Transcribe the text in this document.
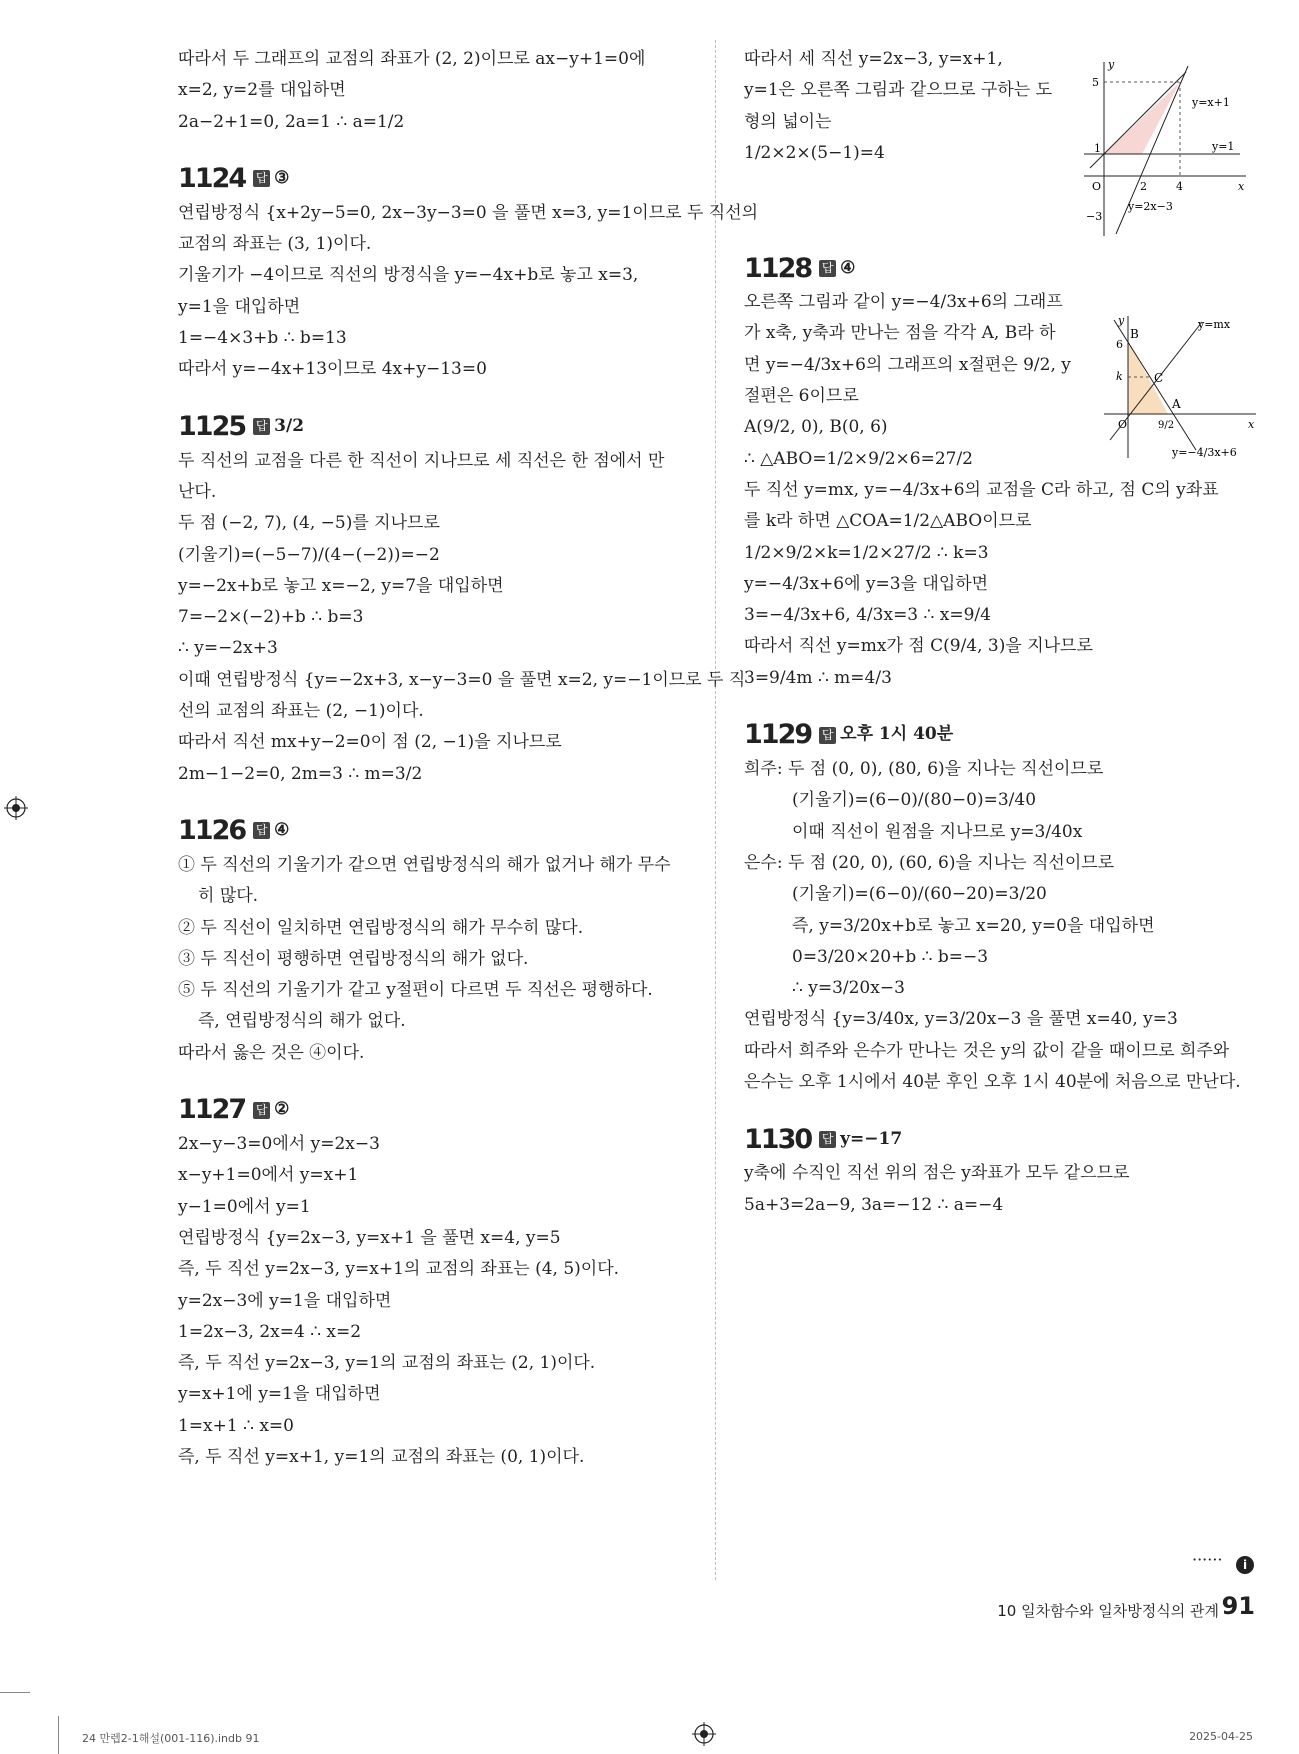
따라서 두 그래프의 교점의 좌표가 (2, 2)이므로 ax−y+1=0에
x=2, y=2를 대입하면
2a−2+1=0, 2a=1 ∴ a=1/2
1124 답 ③
연립방정식 {x+2y−5=0, 2x−3y−3=0 을 풀면 x=3, y=1이므로 두 직선의
교점의 좌표는 (3, 1)이다.
기울기가 −4이므로 직선의 방정식을 y=−4x+b로 놓고 x=3,
y=1을 대입하면
1=−4×3+b ∴ b=13
따라서 y=−4x+13이므로 4x+y−13=0
1125 답 3/2
두 직선의 교점을 다른 한 직선이 지나므로 세 직선은 한 점에서 만
난다.
두 점 (−2, 7), (4, −5)를 지나므로
(기울기)=(−5−7)/(4−(−2))=−2
y=−2x+b로 놓고 x=−2, y=7을 대입하면
7=−2×(−2)+b ∴ b=3
∴ y=−2x+3
이때 연립방정식 {y=−2x+3, x−y−3=0 을 풀면 x=2, y=−1이므로 두 직
선의 교점의 좌표는 (2, −1)이다.
따라서 직선 mx+y−2=0이 점 (2, −1)을 지나므로
2m−1−2=0, 2m=3 ∴ m=3/2
1126 답 ④
① 두 직선의 기울기가 같으면 연립방정식의 해가 없거나 해가 무수
히 많다.
② 두 직선이 일치하면 연립방정식의 해가 무수히 많다.
③ 두 직선이 평행하면 연립방정식의 해가 없다.
⑤ 두 직선의 기울기가 같고 y절편이 다르면 두 직선은 평행하다.
즉, 연립방정식의 해가 없다.
따라서 옳은 것은 ④이다.
1127 답 ②
2x−y−3=0에서 y=2x−3
x−y+1=0에서 y=x+1
y−1=0에서 y=1
연립방정식 {y=2x−3, y=x+1 을 풀면 x=4, y=5
즉, 두 직선 y=2x−3, y=x+1의 교점의 좌표는 (4, 5)이다.
y=2x−3에 y=1을 대입하면
1=2x−3, 2x=4 ∴ x=2
즉, 두 직선 y=2x−3, y=1의 교점의 좌표는 (2, 1)이다.
y=x+1에 y=1을 대입하면
1=x+1 ∴ x=0
즉, 두 직선 y=x+1, y=1의 교점의 좌표는 (0, 1)이다.
따라서 세 직선 y=2x−3, y=x+1,
y=1은 오른쪽 그림과 같으므로 구하는 도
형의 넓이는
1/2×2×(5−1)=4
1128 답 ④
오른쪽 그림과 같이 y=−4/3x+6의 그래프
가 x축, y축과 만나는 점을 각각 A, B라 하
면 y=−4/3x+6의 그래프의 x절편은 9/2, y
절편은 6이므로
A(9/2, 0), B(0, 6)
∴ △ABO=1/2×9/2×6=27/2
두 직선 y=mx, y=−4/3x+6의 교점을 C라 하고, 점 C의 y좌표
를 k라 하면 △COA=1/2△ABO이므로
1/2×9/2×k=1/2×27/2 ∴ k=3
y=−4/3x+6에 y=3을 대입하면
3=−4/3x+6, 4/3x=3 ∴ x=9/4
따라서 직선 y=mx가 점 C(9/4, 3)을 지나므로
3=9/4m ∴ m=4/3
1129 답 오후 1시 40분
희주: 두 점 (0, 0), (80, 6)을 지나는 직선이므로
(기울기)=(6−0)/(80−0)=3/40
이때 직선이 원점을 지나므로 y=3/40x
은수: 두 점 (20, 0), (60, 6)을 지나는 직선이므로
(기울기)=(6−0)/(60−20)=3/20
즉, y=3/20x+b로 놓고 x=20, y=0을 대입하면
0=3/20×20+b ∴ b=−3
∴ y=3/20x−3
연립방정식 {y=3/40x, y=3/20x−3 을 풀면 x=40, y=3
따라서 희주와 은수가 만나는 것은 y의 값이 같을 때이므로 희주와
은수는 오후 1시에서 40분 후인 오후 1시 40분에 처음으로 만난다.
1130 답 y=−17
y축에 수직인 직선 위의 점은 y좌표가 모두 같으므로
5a+3=2a−9, 3a=−12 ∴ a=−4
······	i
y
5
y=x+1
1	y=1
O	2	4	x
−3
y=2x−3
y	y=mx
B
6
k	C
A
O	9/2	x
y=−4/3x+6
10 일차함수와 일차방정식의 관계 91
24 만렙2-1해설(001-116).indb 91	2025-04-25
